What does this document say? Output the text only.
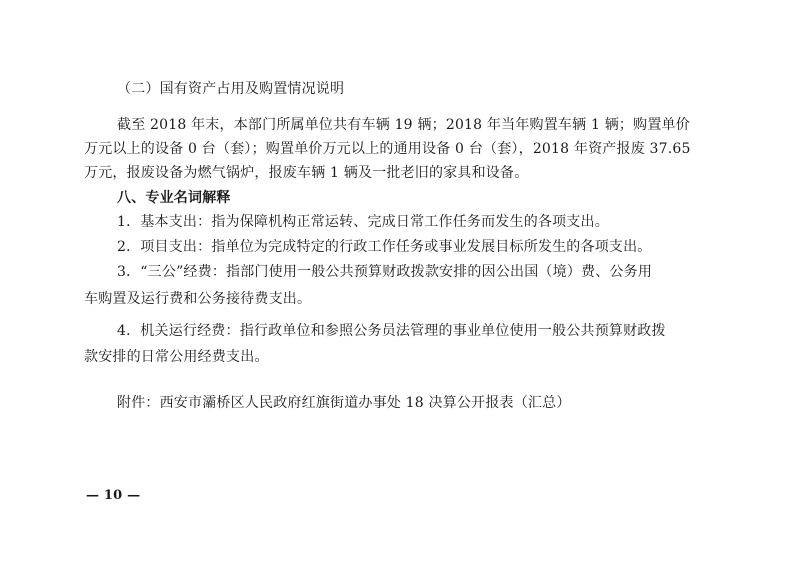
（二）国有资产占用及购置情况说明

截至 2018 年末，本部门所属单位共有车辆 19 辆；2018 年当年购置车辆 1 辆；购置单价

万元以上的设备 0 台（套）；购置单价万元以上的通用设备 0 台（套），2018 年资产报废 37.65

万元，报废设备为燃气锅炉，报废车辆 1 辆及一批老旧的家具和设备。

八、专业名词解释

1．基本支出：指为保障机构正常运转、完成日常工作任务而发生的各项支出。

2．项目支出：指单位为完成特定的行政工作任务或事业发展目标所发生的各项支出。

3．“三公”经费：指部门使用一般公共预算财政拨款安排的因公出国（境）费、公务用

车购置及运行费和公务接待费支出。

4．机关运行经费：指行政单位和参照公务员法管理的事业单位使用一般公共预算财政拨

款安排的日常公用经费支出。

附件：西安市灞桥区人民政府红旗街道办事处 18 决算公开报表（汇总）

— 10 —
